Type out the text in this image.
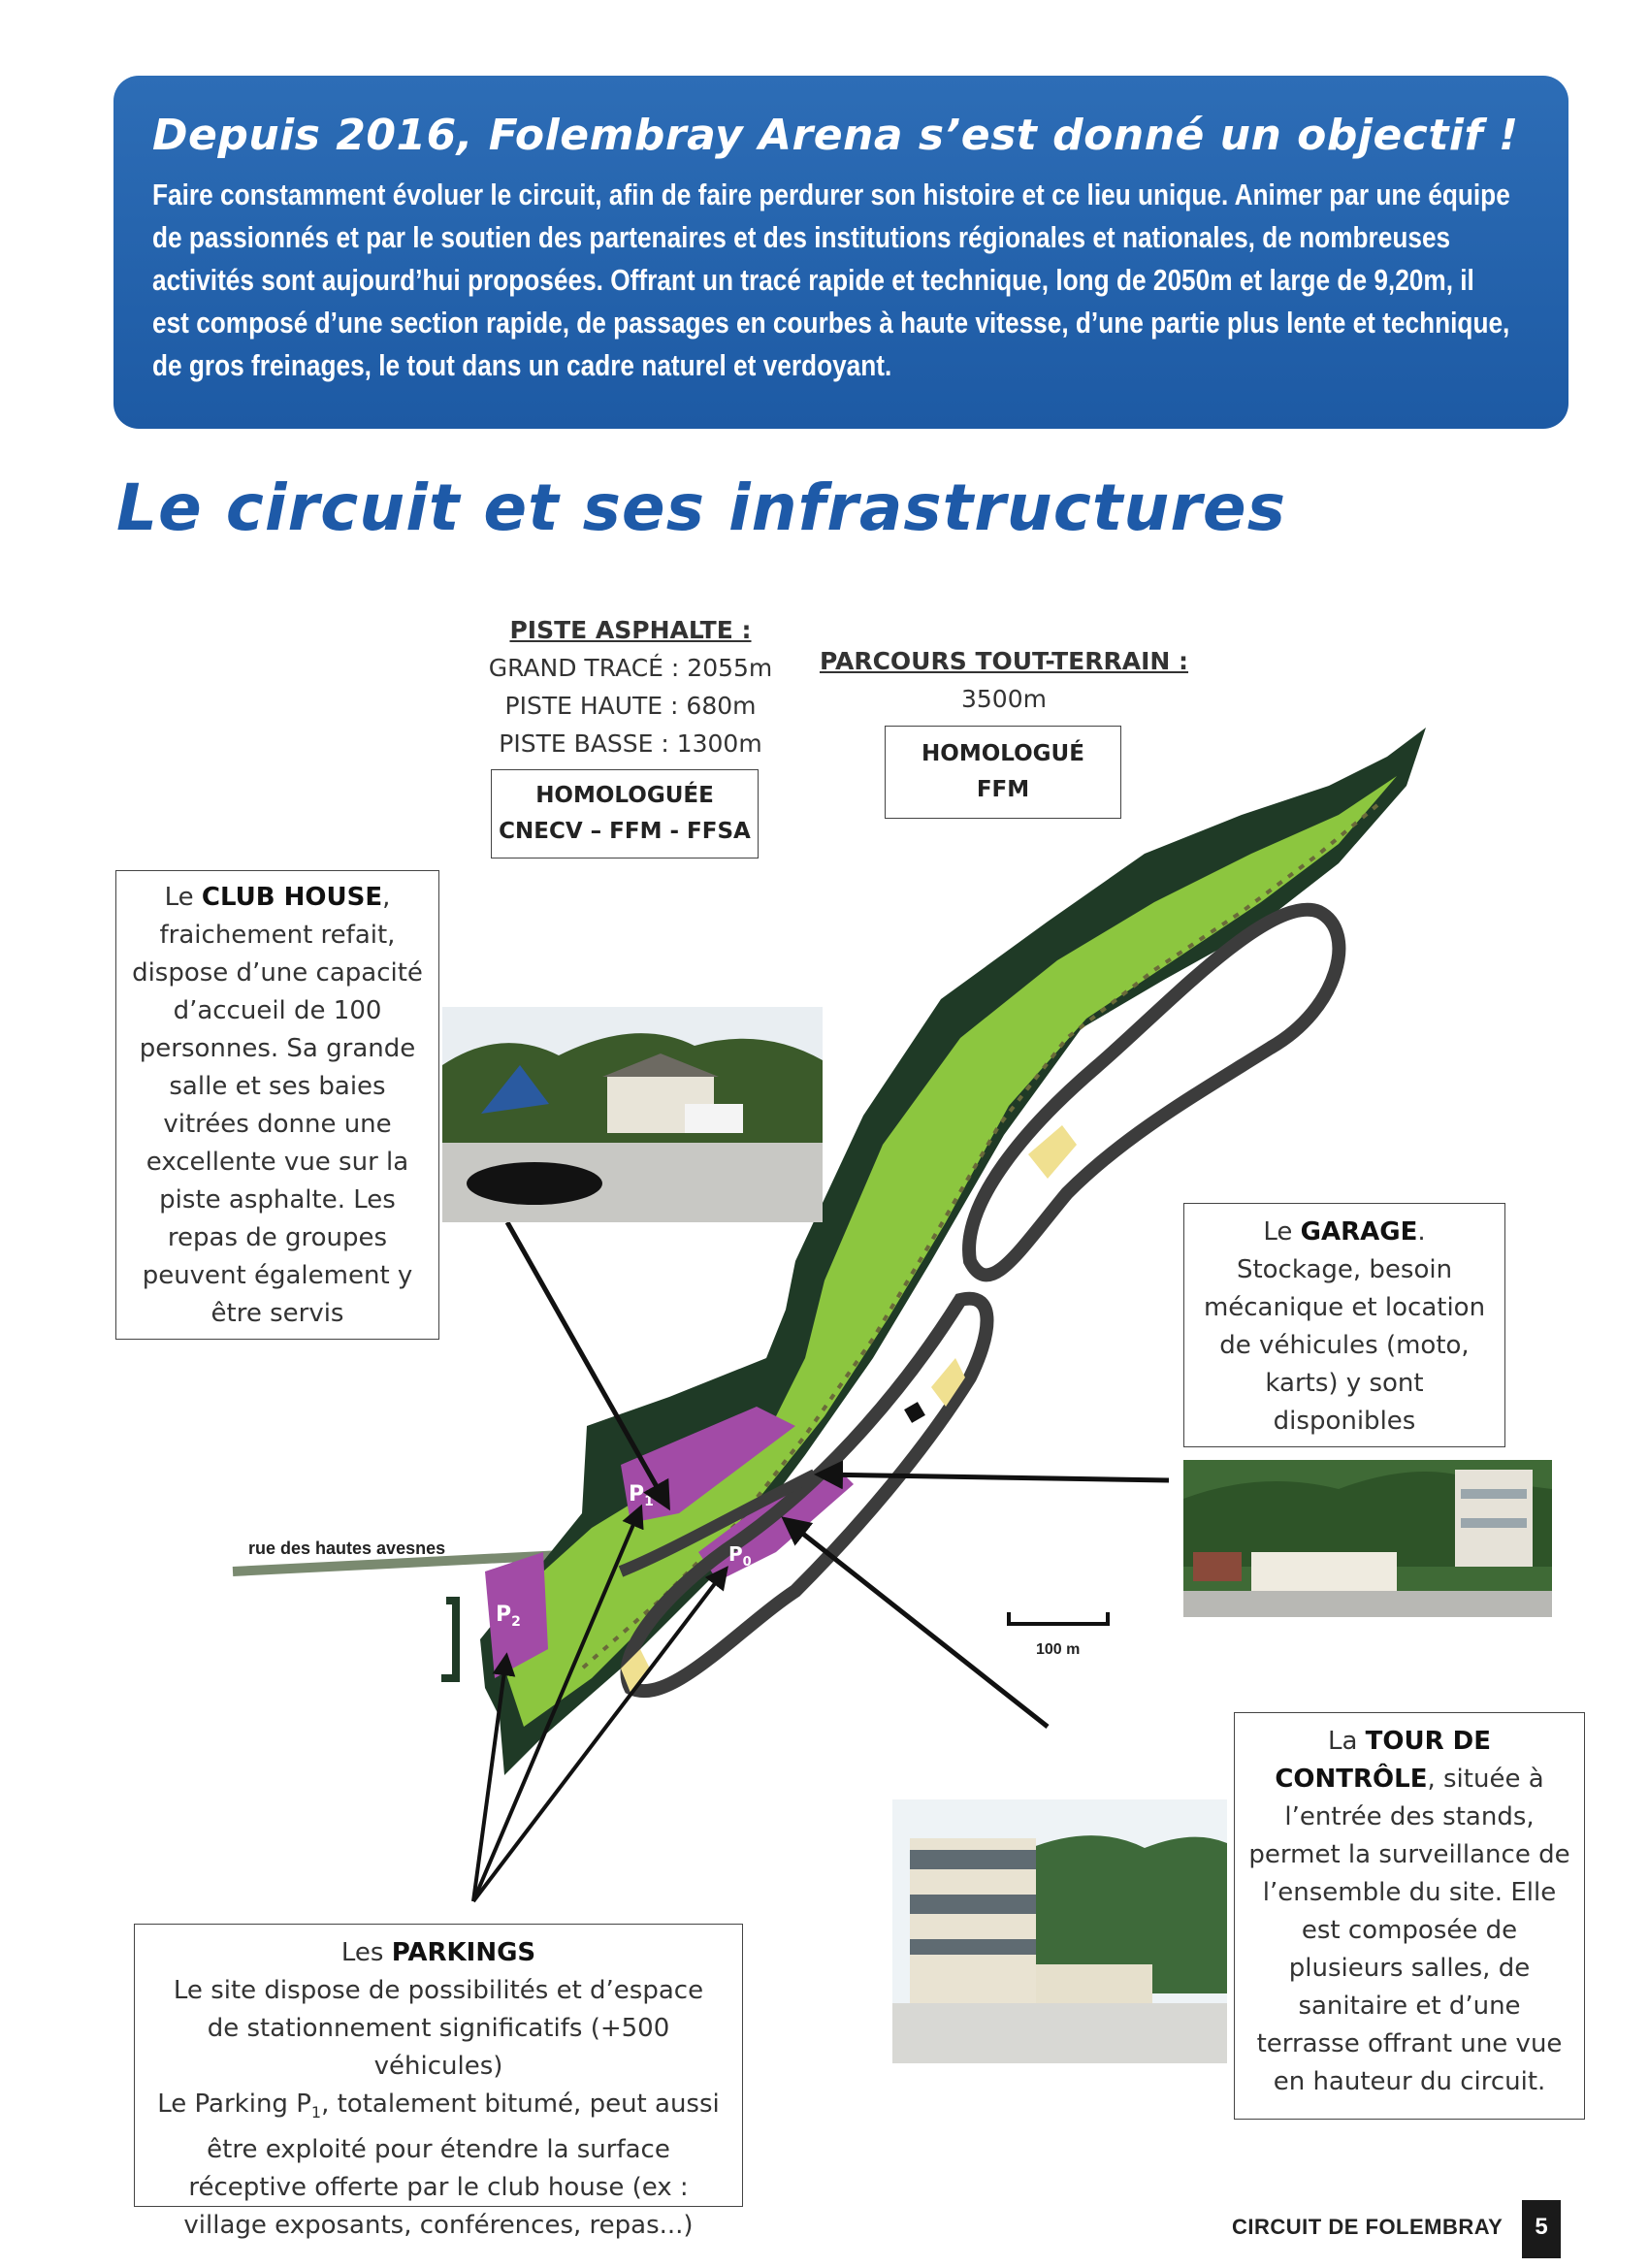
Depuis 2016, Folembray Arena s’est donné un objectif !

Faire constamment évoluer le circuit, afin de faire perdurer son histoire et ce lieu unique. Animer par une équipe de passionnés et par le soutien des partenaires et des institutions régionales et nationales, de nombreuses activités sont aujourd’hui proposées. Offrant un tracé rapide et technique, long de 2050m et large de 9,20m, il est composé d’une section rapide, de passages en courbes à haute vitesse, d’une partie plus lente et technique, de gros freinages, le tout dans un cadre naturel et verdoyant.

Le circuit et ses infrastructures
PISTE ASPHALTE :
GRAND TRACÉ : 2055m
PISTE HAUTE : 680m
PISTE BASSE : 1300m
HOMOLOGUÉE
CNECV – FFM - FFSA
PARCOURS TOUT-TERRAIN :
3500m
HOMOLOGUÉ
FFM
rue des hautes avesnes
$P_1$
$P_0$
$P_2$
100 m
Le CLUB HOUSE, fraichement refait, dispose d’une capacité d’accueil de 100 personnes. Sa grande salle et ses baies vitrées donne une excellente vue sur la piste asphalte. Les repas de groupes peuvent également y être servis
Le GARAGE. Stockage, besoin mécanique et location de véhicules (moto, karts) y sont disponibles
La TOUR DE CONTRÔLE, située à l’entrée des stands, permet la surveillance de l’ensemble du site. Elle est composée de plusieurs salles, de sanitaire et d’une terrasse offrant une vue en hauteur du circuit.
Les PARKINGS
Le site dispose de possibilités et d’espace de stationnement significatifs (+500 véhicules)
Le Parking $P_1$, totalement bitumé, peut aussi être exploité pour étendre la surface réceptive offerte par le club house (ex : village exposants, conférences, repas...)	CIRCUIT DE FOLEMBRAY	5
